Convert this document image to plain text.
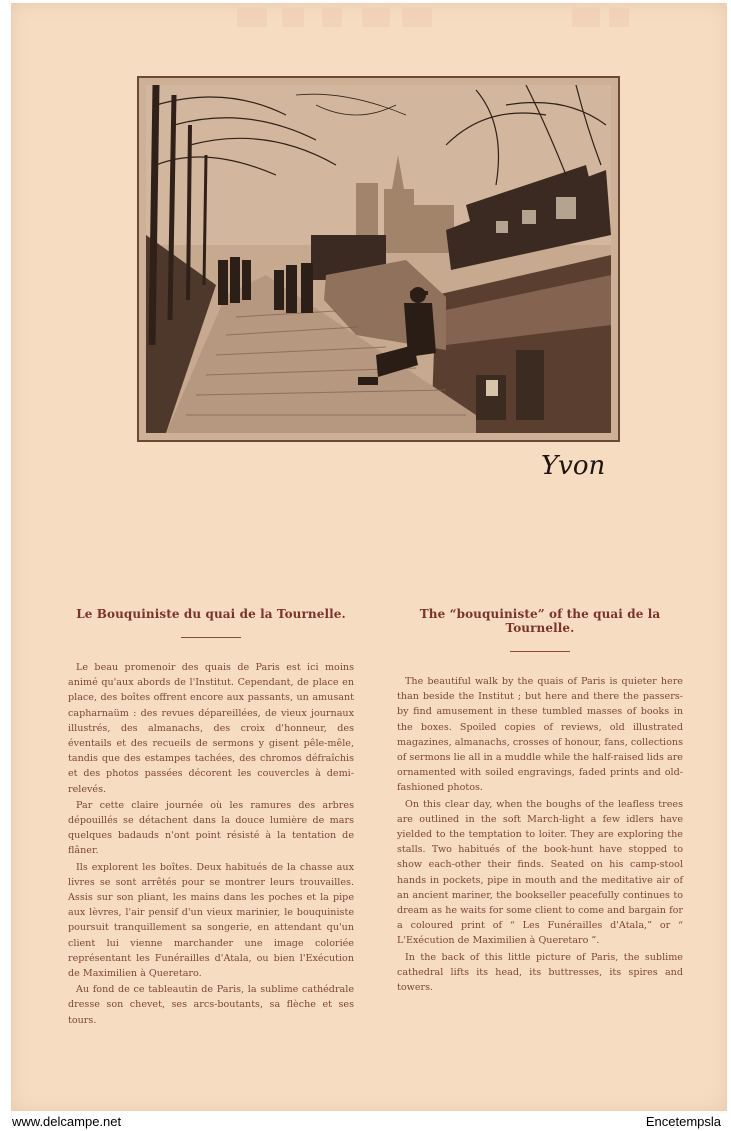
Yvon
Le Bouquiniste du quai de la Tournelle.

Le beau promenoir des quais de Paris est ici moins animé qu'aux abords de l'Institut. Cependant, de place en place, des boîtes offrent encore aux passants, un amusant capharnaüm : des revues dépareillées, de vieux journaux illustrés, des almanachs, des croix d'honneur, des éventails et des recueils de sermons y gisent pêle-mêle, tandis que des estampes tachées, des chromos défraîchis et des photos passées décorent les couvercles à demi-relevés.

Par cette claire journée où les ramures des arbres dépouillés se détachent dans la douce lumière de mars quelques badauds n'ont point résisté à la tentation de flâner.

Ils explorent les boîtes. Deux habitués de la chasse aux livres se sont arrêtés pour se montrer leurs trouvailles. Assis sur son pliant, les mains dans les poches et la pipe aux lèvres, l'air pensif d'un vieux marinier, le bouquiniste poursuit tranquillement sa songerie, en attendant qu'un client lui vienne marchander une image coloriée représentant les Funérailles d'Atala, ou bien l'Exécution de Maximilien à Queretaro.

Au fond de ce tableautin de Paris, la sublime cathédrale dresse son chevet, ses arcs-boutants, sa flèche et ses tours.

The “bouquiniste” of the quai de la Tournelle.

The beautiful walk by the quais of Paris is quieter here than beside the Institut ; but here and there the passers-by find amusement in these tumbled masses of books in the boxes. Spoiled copies of reviews, old illustrated magazines, almanachs, crosses of honour, fans, collections of sermons lie all in a muddle while the half-raised lids are ornamented with soiled engravings, faded prints and old-fashioned photos.

On this clear day, when the boughs of the leafless trees are outlined in the soft March-light a few idlers have yielded to the temptation to loiter. They are exploring the stalls. Two habitués of the book-hunt have stopped to show each-other their finds. Seated on his camp-stool hands in pockets, pipe in mouth and the meditative air of an ancient mariner, the bookseller peacefully continues to dream as he waits for some client to come and bargain for a coloured print of “ Les Funérailles d'Atala,” or “ L'Exécution de Maximilien à Queretaro ”.

In the back of this little picture of Paris, the sublime cathedral lifts its head, its buttresses, its spires and towers.

www.delcampe.net	Encetempsla
